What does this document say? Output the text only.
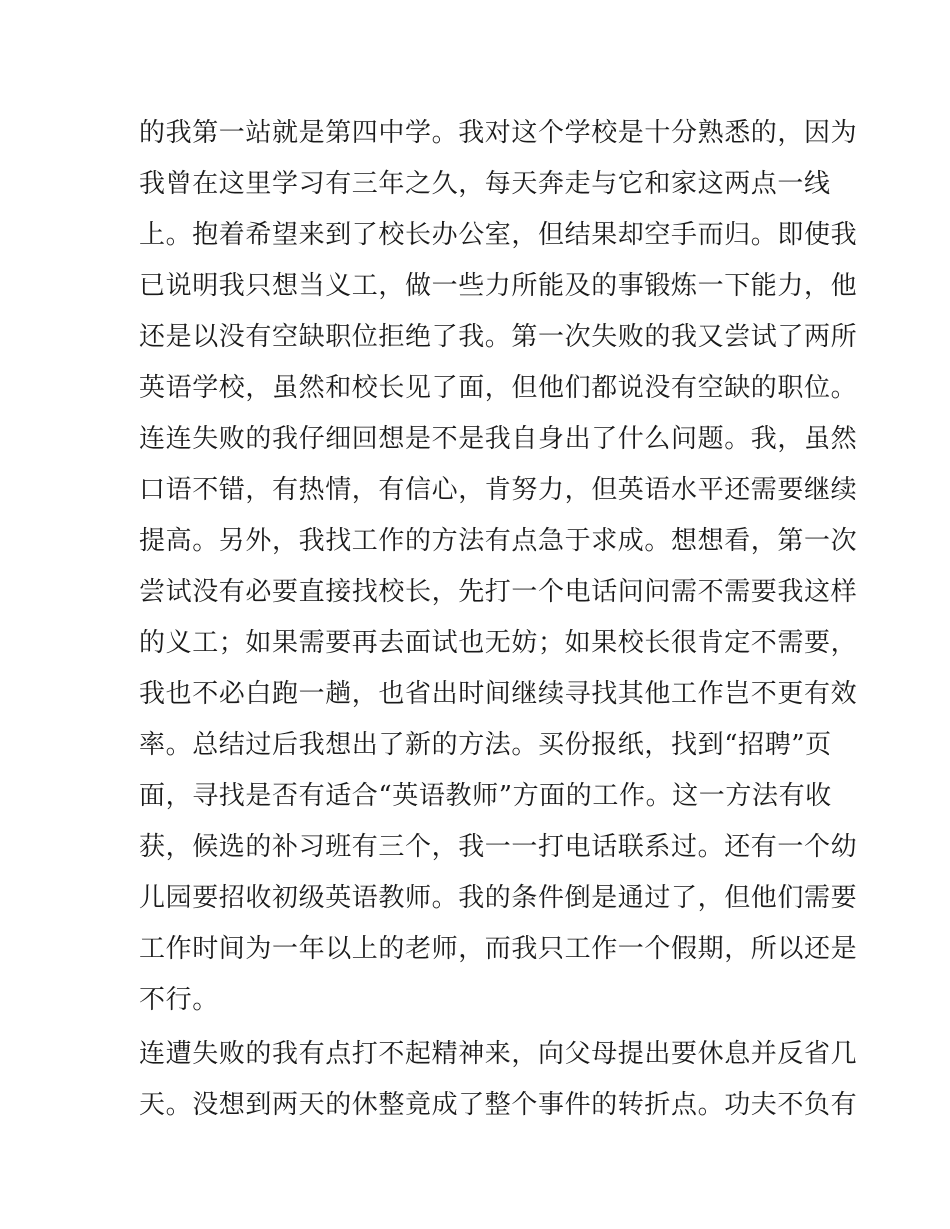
的我第一站就是第四中学。我对这个学校是十分熟悉的，因为
我曾在这里学习有三年之久，每天奔走与它和家这两点一线
上。抱着希望来到了校长办公室，但结果却空手而归。即使我
已说明我只想当义工，做一些力所能及的事锻炼一下能力，他
还是以没有空缺职位拒绝了我。第一次失败的我又尝试了两所
英语学校，虽然和校长见了面，但他们都说没有空缺的职位。
连连失败的我仔细回想是不是我自身出了什么问题。我，虽然
口语不错，有热情，有信心，肯努力，但英语水平还需要继续
提高。另外，我找工作的方法有点急于求成。想想看，第一次
尝试没有必要直接找校长，先打一个电话问问需不需要我这样
的义工；如果需要再去面试也无妨；如果校长很肯定不需要，
我也不必白跑一趟，也省出时间继续寻找其他工作岂不更有效
率。总结过后我想出了新的方法。买份报纸，找到“招聘”页
面，寻找是否有适合“英语教师”方面的工作。这一方法有收
获，候选的补习班有三个，我一一打电话联系过。还有一个幼
儿园要招收初级英语教师。我的条件倒是通过了，但他们需要
工作时间为一年以上的老师，而我只工作一个假期，所以还是
不行。
连遭失败的我有点打不起精神来，向父母提出要休息并反省几
天。没想到两天的休整竟成了整个事件的转折点。功夫不负有
